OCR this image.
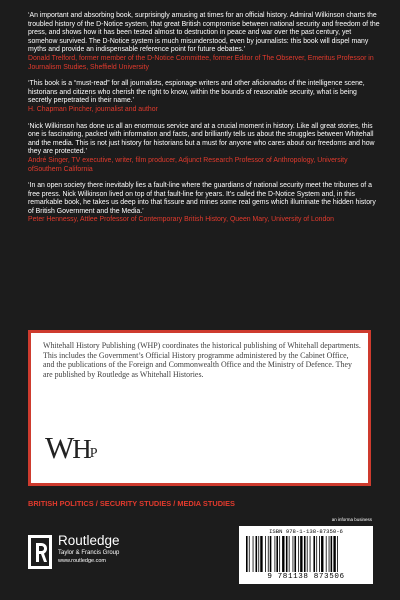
‘An important and absorbing book, surprisingly amusing at times for an official history. Admiral Wilkinson charts the troubled history of the D-Notice system, that great British compromise between national security and freedom of the press, and shows how it has been tested almost to destruction in peace and war over the past century, yet somehow survived. The D-Notice system is much misunderstood, even by journalists: this book will dispel many myths and provide an indispensable reference point for future debates.’

Donald Trelford, former member of the D-Notice Committee, former Editor of The Observer, Emeritus Professor in Journalism Studies, Sheffield University

‘This book is a “must-read” for all journalists, espionage writers and other aficionados of the intelligence scene, historians and citizens who cherish the right to know, within the bounds of reasonable security, what is being secretly perpetrated in their name.’

H. Chapman Pincher, journalist and author

‘Nick Wilkinson has done us all an enormous service and at a crucial moment in history. Like all great stories, this one is fascinating, packed with information and facts, and brilliantly tells us about the struggles between Whitehall and the media. This is not just history for historians but a must for anyone who cares about our freedoms and how they are protected.’

André Singer, TV executive, writer, film producer, Adjunct Research Professor of Anthropology, University ofSouthern California

‘In an open society there inevitably lies a fault-line where the guardians of national security meet the tribunes of a free press. Nick Wilkinson lived on top of that fault-line for years. It’s called the D-Notice System and, in this remarkable book, he takes us deep into that fissure and mines some real gems which illuminate the hidden history of British Government and the Media.’

Peter Hennessy, Attlee Professor of Contemporary British History, Queen Mary, University of London

Whitehall History Publishing (WHP) coordinates the historical publishing of Whitehall departments. This includes the Government’s Official History programme administered by the Cabinet Office, and the publications of the Foreign and Commonwealth Office and the Ministry of Defence. They are published by Routledge as Whitehall Histories.

WHP
BRITISH POLITICS / SECURITY STUDIES / MEDIA STUDIES
an informa business
Routledge
Taylor & Francis Group
www.routledge.com
ISBN 978-1-138-87350-6
9 781138 873506
